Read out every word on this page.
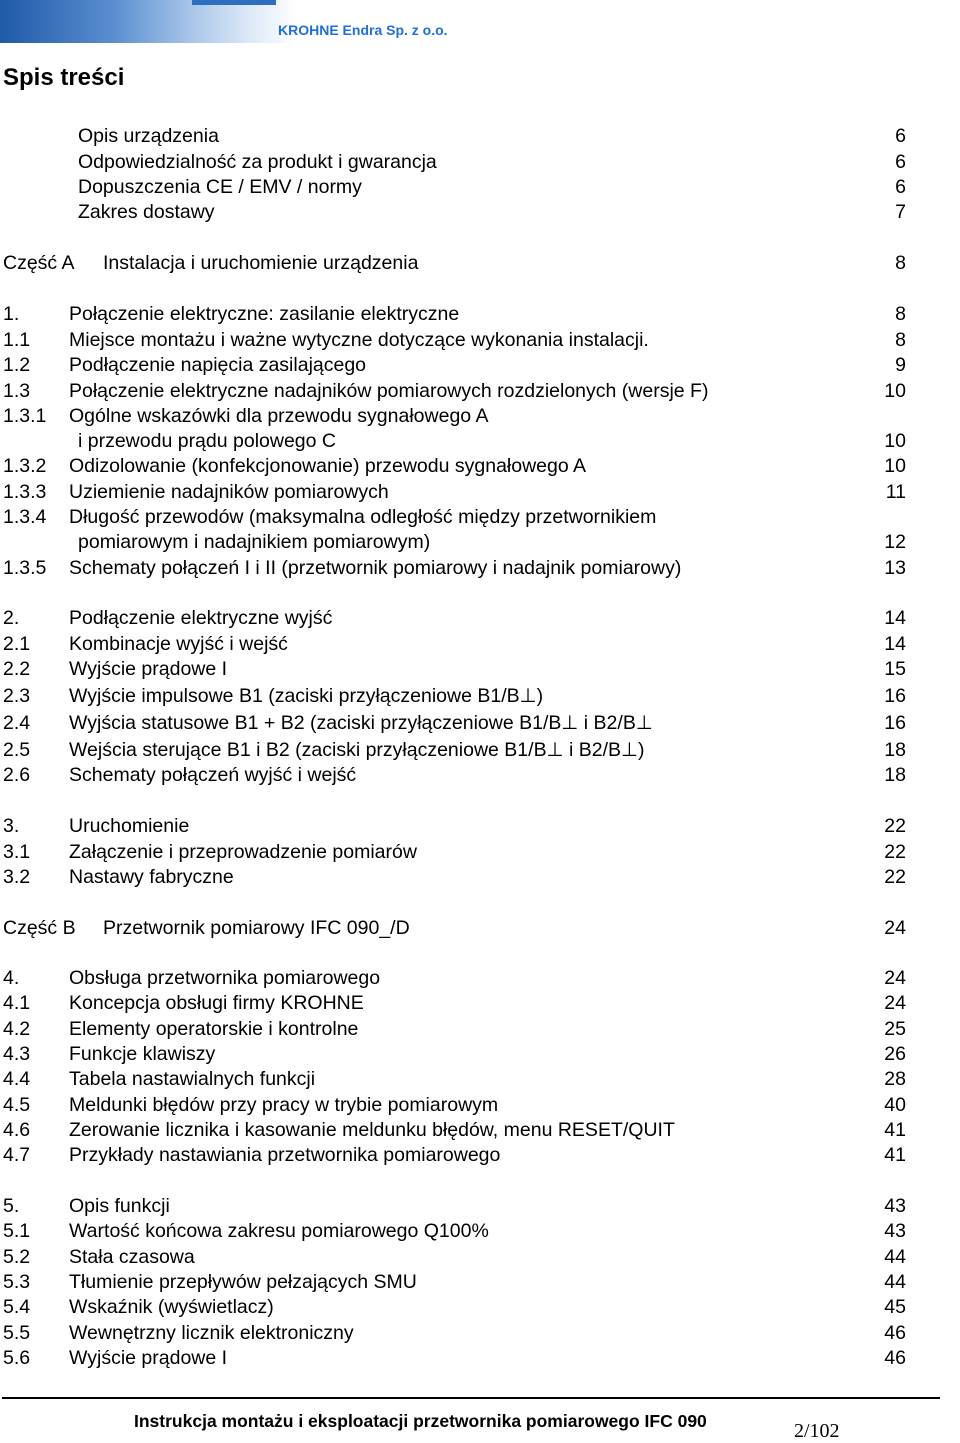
KROHNE Endra Sp. z o.o.
Spis treści
Opis urządzenia	6
Odpowiedzialność za produkt i gwarancja	6
Dopuszczenia CE / EMV / normy	6
Zakres dostawy	7
Część A Instalacja i uruchomienie urządzenia	8
1.	Połączenie elektryczne: zasilanie elektryczne	8
1.1 Miejsce montażu i ważne wytyczne dotyczące wykonania instalacji.	8
1.2 Podłączenie napięcia zasilającego	9
1.3 Połączenie elektryczne nadajników pomiarowych rozdzielonych (wersje F)	10
1.3.1 Ogólne wskazówki dla przewodu sygnałowego A
i przewodu prądu polowego C	10
1.3.2 Odizolowanie (konfekcjonowanie) przewodu sygnałowego A	10
1.3.3 Uziemienie nadajników pomiarowych	11
1.3.4 Długość przewodów (maksymalna odległość między przetwornikiem
pomiarowym i nadajnikiem pomiarowym)	12
1.3.5 Schematy połączeń I i II (przetwornik pomiarowy i nadajnik pomiarowy)	13
2.	Podłączenie elektryczne wyjść	14
2.1 Kombinacje wyjść i wejść	14
2.2 Wyjście prądowe I	15
2.3 Wyjście impulsowe B1 (zaciski przyłączeniowe B1/B⊥)	16
2.4 Wyjścia statusowe B1 + B2 (zaciski przyłączeniowe B1/B⊥ i B2/B⊥	16
2.5 Wejścia sterujące B1 i B2 (zaciski przyłączeniowe B1/B⊥ i B2/B⊥)	18
2.6 Schematy połączeń wyjść i wejść	18
3.	Uruchomienie	22
3.1 Załączenie i przeprowadzenie pomiarów	22
3.2 Nastawy fabryczne	22
Część B Przetwornik pomiarowy IFC 090_/D	24
4.	Obsługa przetwornika pomiarowego	24
4.1 Koncepcja obsługi firmy KROHNE	24
4.2 Elementy operatorskie i kontrolne	25
4.3 Funkcje klawiszy	26
4.4 Tabela nastawialnych funkcji	28
4.5 Meldunki błędów przy pracy w trybie pomiarowym	40
4.6 Zerowanie licznika i kasowanie meldunku błędów, menu RESET/QUIT	41
4.7 Przykłady nastawiania przetwornika pomiarowego	41
5.	Opis funkcji	43
5.1 Wartość końcowa zakresu pomiarowego Q100%	43
5.2 Stała czasowa	44
5.3 Tłumienie przepływów pełzających SMU	44
5.4 Wskaźnik (wyświetlacz)	45
5.5 Wewnętrzny licznik elektroniczny	46
5.6 Wyjście prądowe I	46
Instrukcja montażu i eksploatacji przetwornika pomiarowego IFC 090	2/102
